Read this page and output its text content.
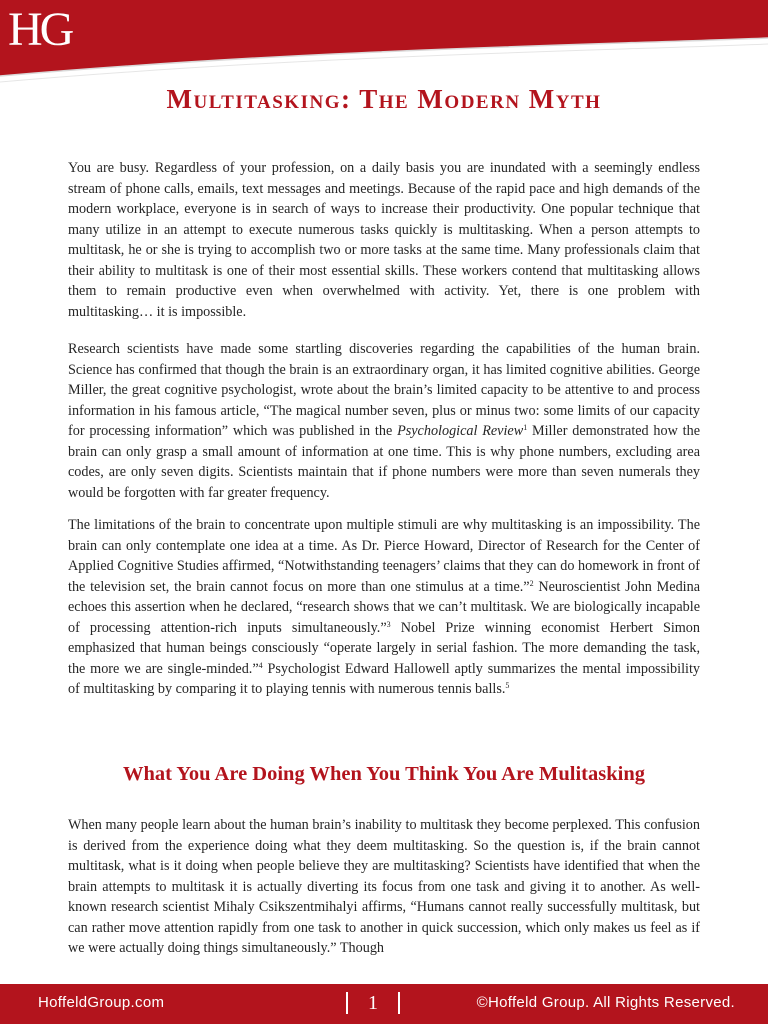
HG
Multitasking: The Modern Myth

You are busy. Regardless of your profession, on a daily basis you are inundated with a seemingly endless stream of phone calls, emails, text messages and meetings. Because of the rapid pace and high demands of the modern workplace, everyone is in search of ways to increase their productivity. One popular technique that many utilize in an attempt to execute numerous tasks quickly is multitasking. When a person attempts to multitask, he or she is trying to accomplish two or more tasks at the same time. Many professionals claim that their ability to multitask is one of their most essential skills. These workers contend that multitasking allows them to remain productive even when overwhelmed with activity. Yet, there is one problem with multitasking… it is impossible.

Research scientists have made some startling discoveries regarding the capabilities of the human brain. Science has confirmed that though the brain is an extraordinary organ, it has limited cognitive abilities. George Miller, the great cognitive psychologist, wrote about the brain’s limited capacity to be attentive to and process information in his famous article, “The magical number seven, plus or minus two: some limits of our capacity for processing information” which was published in the Psychological Review$^1$ Miller demonstrated how the brain can only grasp a small amount of information at one time. This is why phone numbers, excluding area codes, are only seven digits. Scientists maintain that if phone numbers were more than seven numerals they would be forgotten with far greater frequency.

The limitations of the brain to concentrate upon multiple stimuli are why multitasking is an impossibility. The brain can only contemplate one idea at a time. As Dr. Pierce Howard, Director of Research for the Center of Applied Cognitive Studies affirmed, “Notwithstanding teenagers’ claims that they can do homework in front of the television set, the brain cannot focus on more than one stimulus at a time.”$^2$ Neuroscientist John Medina echoes this assertion when he declared, “research shows that we can’t multitask. We are biologically incapable of processing attention-rich inputs simultaneously.”$^3$ Nobel Prize winning economist Herbert Simon emphasized that human beings consciously “operate largely in serial fashion. The more demanding the task, the more we are single-minded.”$^4$ Psychologist Edward Hallowell aptly summarizes the mental impossibility of multitasking by comparing it to playing tennis with numerous tennis balls.$^5$

What You Are Doing When You Think You Are Mulitasking

When many people learn about the human brain’s inability to multitask they become perplexed. This confusion is derived from the experience doing what they deem multitasking. So the question is, if the brain cannot multitask, what is it doing when people believe they are multitasking? Scientists have identified that when the brain attempts to multitask it is actually diverting its focus from one task and giving it to another. As well-known research scientist Mihaly Csikszentmihalyi affirms, “Humans cannot really successfully multitask, but can rather move attention rapidly from one task to another in quick succession, which only makes us feel as if we were actually doing things simultaneously.” Though

HoffeldGroup.com	1	©Hoffeld Group. All Rights Reserved.
